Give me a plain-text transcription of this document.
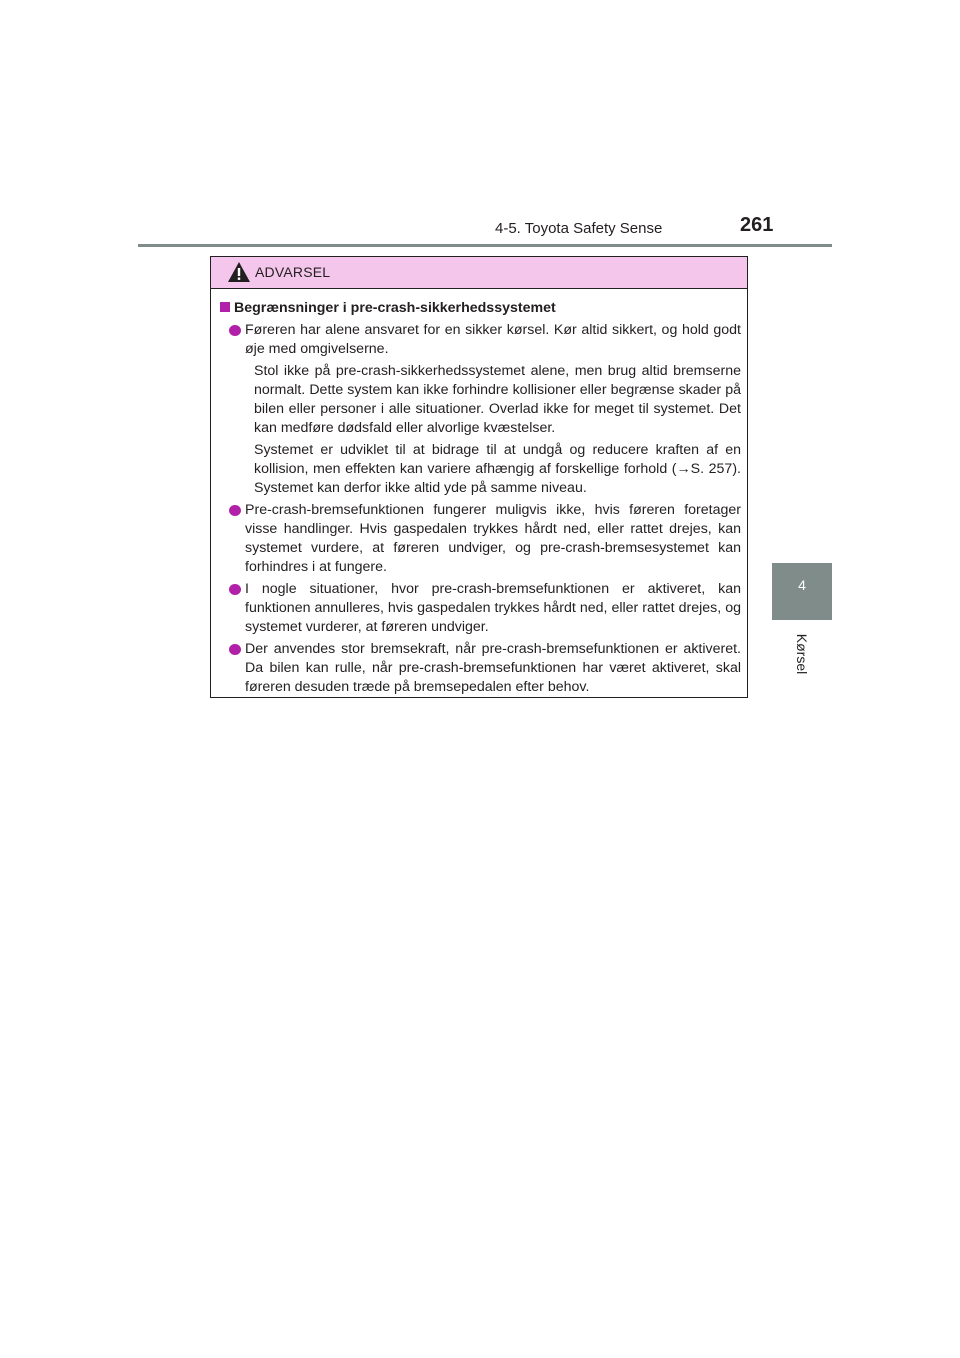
4-5. Toyota Safety Sense	261
4
Kørsel
ADVARSEL
Begrænsninger i pre-crash-sikkerhedssystemet
Føreren har alene ansvaret for en sikker kørsel. Kør altid sikkert, og hold godt øje med omgivelserne.
Stol ikke på pre-crash-sikkerhedssystemet alene, men brug altid bremserne normalt. Dette system kan ikke forhindre kollisioner eller begrænse skader på bilen eller personer i alle situationer. Overlad ikke for meget til systemet. Det kan medføre dødsfald eller alvorlige kvæstelser.
Systemet er udviklet til at bidrage til at undgå og reducere kraften af en kollision, men effekten kan variere afhængig af forskellige forhold (→S. 257). Systemet kan derfor ikke altid yde på samme niveau.
Pre-crash-bremsefunktionen fungerer muligvis ikke, hvis føreren foretager visse handlinger. Hvis gaspedalen trykkes hårdt ned, eller rattet drejes, kan systemet vurdere, at føreren undviger, og pre-crash-bremsesystemet kan forhindres i at fungere.
I nogle situationer, hvor pre-crash-bremsefunktionen er aktiveret, kan funktionen annulleres, hvis gaspedalen trykkes hårdt ned, eller rattet drejes, og systemet vurderer, at føreren undviger.
Der anvendes stor bremsekraft, når pre-crash-bremsefunktionen er aktiveret. Da bilen kan rulle, når pre-crash-bremsefunktionen har været aktiveret, skal føreren desuden træde på bremsepedalen efter behov.
